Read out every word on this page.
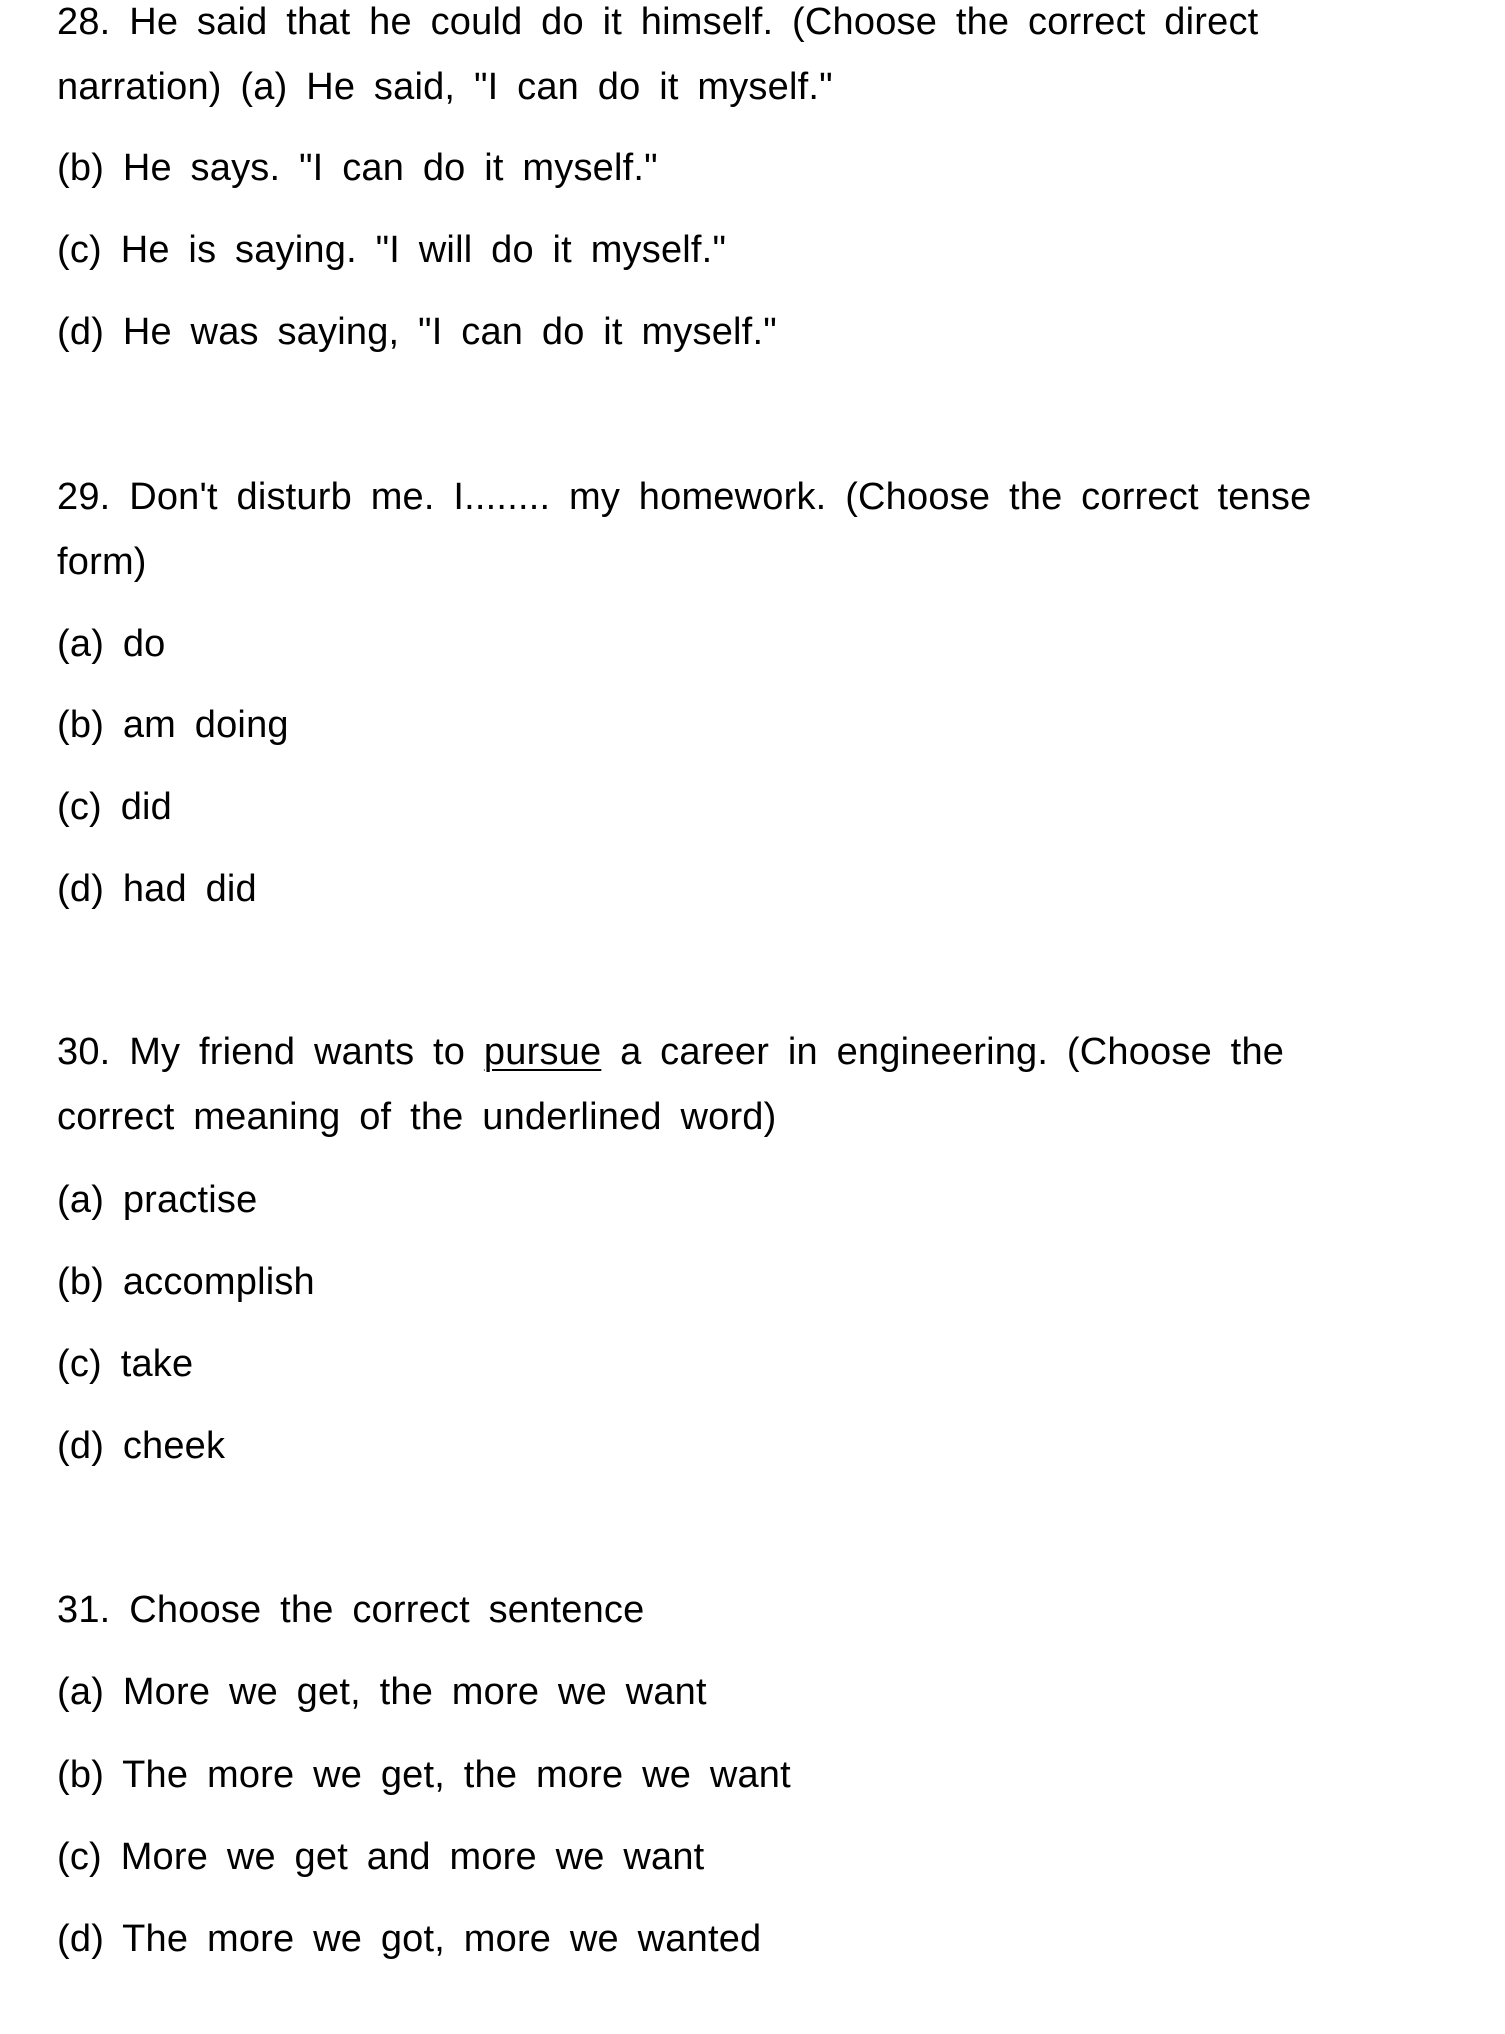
28. He said that he could do it himself. (Choose the correct direct
narration) (a) He said, "I can do it myself."
(b) He says. "I can do it myself."
(c) He is saying. "I will do it myself."
(d) He was saying, "I can do it myself."
29. Don't disturb me. I........ my homework. (Choose the correct tense
form)
(a) do
(b) am doing
(c) did
(d) had did
30. My friend wants to pursue a career in engineering. (Choose the
correct meaning of the underlined word)
(a) practise
(b) accomplish
(c) take
(d) cheek
31. Choose the correct sentence
(a) More we get, the more we want
(b) The more we get, the more we want
(c) More we get and more we want
(d) The more we got, more we wanted
